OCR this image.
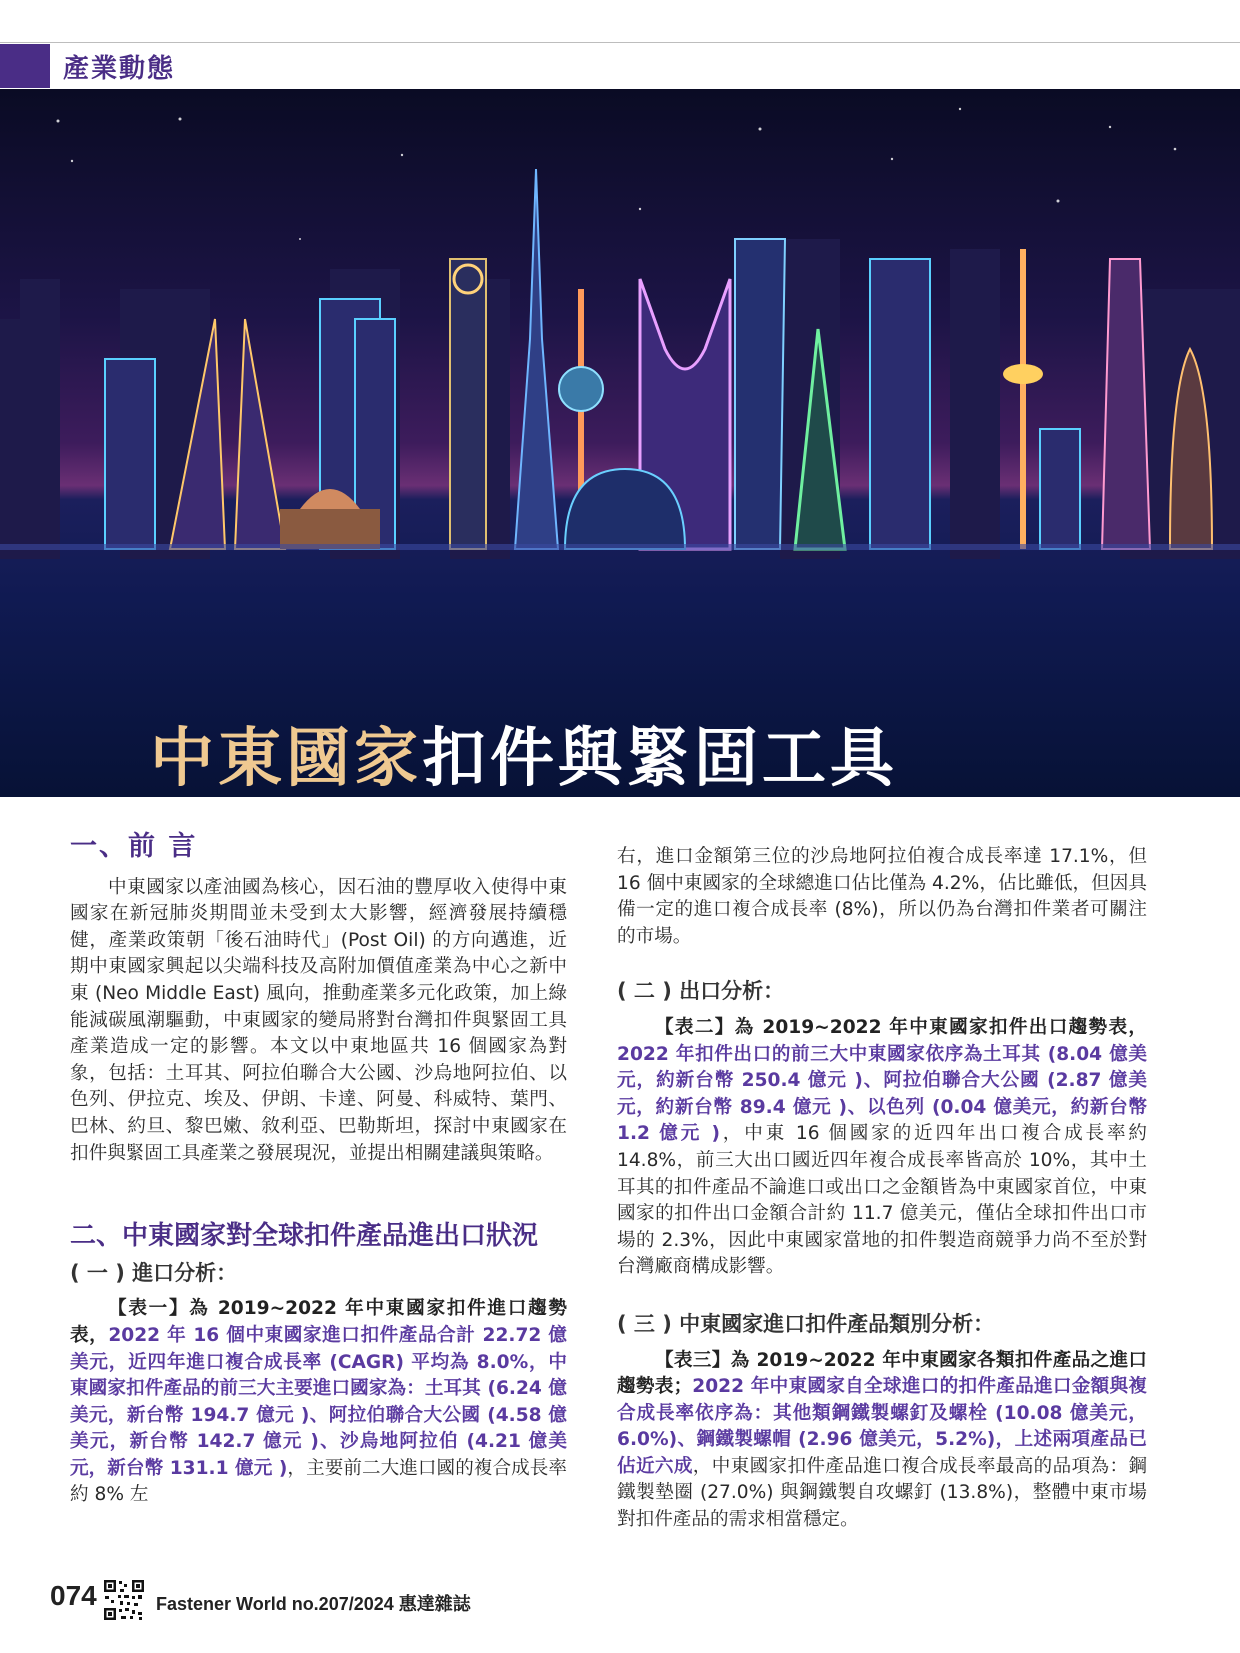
產業動態
中東國家扣件與緊固工具
一、前 言

中東國家以產油國為核心，因石油的豐厚收入使得中東國家在新冠肺炎期間並未受到太大影響，經濟發展持續穩健，產業政策朝「後石油時代」(Post Oil) 的方向邁進，近期中東國家興起以尖端科技及高附加價值產業為中心之新中東 (Neo Middle East) 風向，推動產業多元化政策，加上綠能減碳風潮驅動，中東國家的變局將對台灣扣件與緊固工具產業造成一定的影響。本文以中東地區共 16 個國家為對象，包括：土耳其、阿拉伯聯合大公國、沙烏地阿拉伯、以色列、伊拉克、埃及、伊朗、卡達、阿曼、科威特、葉門、巴林、約旦、黎巴嫩、敘利亞、巴勒斯坦，探討中東國家在扣件與緊固工具產業之發展現況，並提出相關建議與策略。

二、中東國家對全球扣件產品進出口狀況
( 一 ) 進口分析：

【表一】為 2019~2022 年中東國家扣件進口趨勢表，2022 年 16 個中東國家進口扣件產品合計 22.72 億美元，近四年進口複合成長率 (CAGR) 平均為 8.0%，中東國家扣件產品的前三大主要進口國家為：土耳其 (6.24 億美元，新台幣 194.7 億元 )、阿拉伯聯合大公國 (4.58 億美元，新台幣 142.7 億元 )、沙烏地阿拉伯 (4.21 億美元，新台幣 131.1 億元 )，主要前二大進口國的複合成長率約 8% 左

右，進口金額第三位的沙烏地阿拉伯複合成長率達 17.1%，但 16 個中東國家的全球總進口佔比僅為 4.2%，佔比雖低，但因具備一定的進口複合成長率 (8%)，所以仍為台灣扣件業者可關注的市場。

( 二 ) 出口分析：

【表二】為 2019~2022 年中東國家扣件出口趨勢表，2022 年扣件出口的前三大中東國家依序為土耳其 (8.04 億美元，約新台幣 250.4 億元 )、阿拉伯聯合大公國 (2.87 億美元，約新台幣 89.4 億元 )、以色列 (0.04 億美元，約新台幣 1.2 億元 )，中東 16 個國家的近四年出口複合成長率約 14.8%，前三大出口國近四年複合成長率皆高於 10%，其中土耳其的扣件產品不論進口或出口之金額皆為中東國家首位，中東國家的扣件出口金額合計約 11.7 億美元，僅佔全球扣件出口市場的 2.3%，因此中東國家當地的扣件製造商競爭力尚不至於對台灣廠商構成影響。

( 三 ) 中東國家進口扣件產品類別分析：

【表三】為 2019~2022 年中東國家各類扣件產品之進口趨勢表；2022 年中東國家自全球進口的扣件產品進口金額與複合成長率依序為：其他類鋼鐵製螺釘及螺栓 (10.08 億美元，6.0%)、鋼鐵製螺帽 (2.96 億美元，5.2%)，上述兩項產品已佔近六成，中東國家扣件產品進口複合成長率最高的品項為：鋼鐵製墊圈 (27.0%) 與鋼鐵製自攻螺釘 (13.8%)，整體中東市場對扣件產品的需求相當穩定。

074	Fastener World no.207/2024 惠達雜誌
